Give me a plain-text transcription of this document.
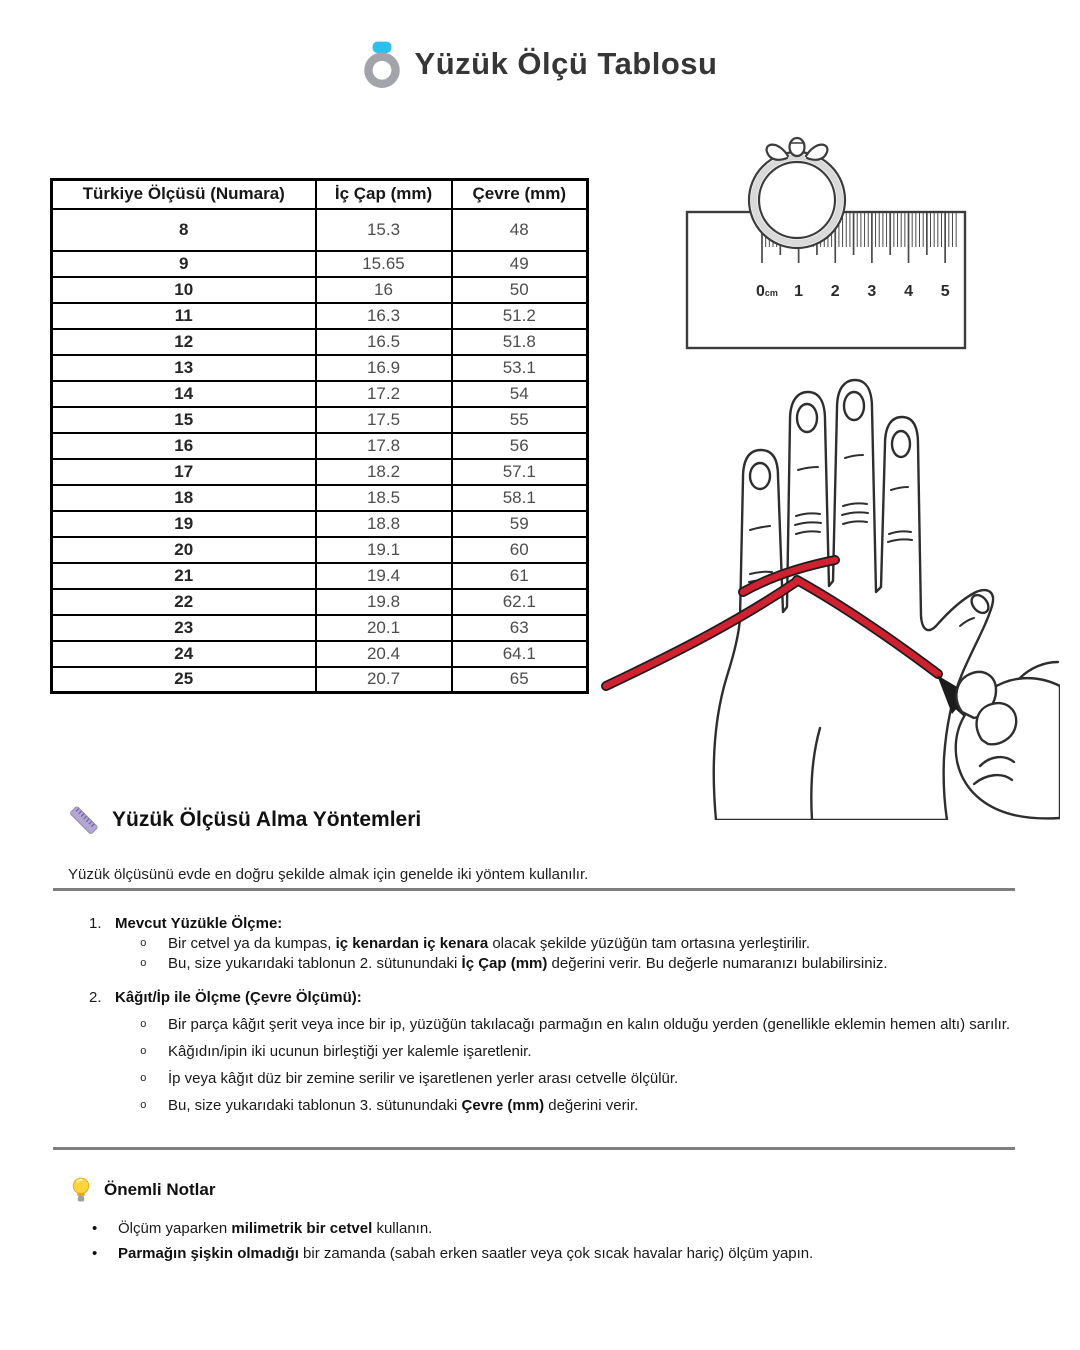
Yüzük Ölçü Tablosu
Türkiye Ölçüsü (Numara)	İç Çap (mm)	Çevre (mm)
8	15.3	48
9	15.65	49
10	16	50
11	16.3	51.2
12	16.5	51.8
13	16.9	53.1
14	17.2	54
15	17.5	55
16	17.8	56
17	18.2	57.1
18	18.5	58.1
19	18.8	59
20	19.1	60
21	19.4	61
22	19.8	62.1
23	20.1	63
24	20.4	64.1
25	20.7	65
0cm 1 2 3 4 5
Yüzük Ölçüsü Alma Yöntemleri

Yüzük ölçüsünü evde en doğru şekilde almak için genelde iki yöntem kullanılır.

1. Mevcut Yüzükle Ölçme:
o	Bir cetvel ya da kumpas, iç kenardan iç kenara olacak şekilde yüzüğün tam ortasına yerleştirilir.
o	Bu, size yukarıdaki tablonun 2. sütunundaki İç Çap (mm) değerini verir. Bu değerle numaranızı bulabilirsiniz.
2. Kâğıt/İp ile Ölçme (Çevre Ölçümü):
o	Bir parça kâğıt şerit veya ince bir ip, yüzüğün takılacağı parmağın en kalın olduğu yerden (genellikle eklemin hemen altı) sarılır.
o	Kâğıdın/ipin iki ucunun birleştiği yer kalemle işaretlenir.
o	İp veya kâğıt düz bir zemine serilir ve işaretlenen yerler arası cetvelle ölçülür.
o	Bu, size yukarıdaki tablonun 3. sütunundaki Çevre (mm) değerini verir.
Önemli Notlar
•	Ölçüm yaparken milimetrik bir cetvel kullanın.
•	Parmağın şişkin olmadığı bir zamanda (sabah erken saatler veya çok sıcak havalar hariç) ölçüm yapın.
